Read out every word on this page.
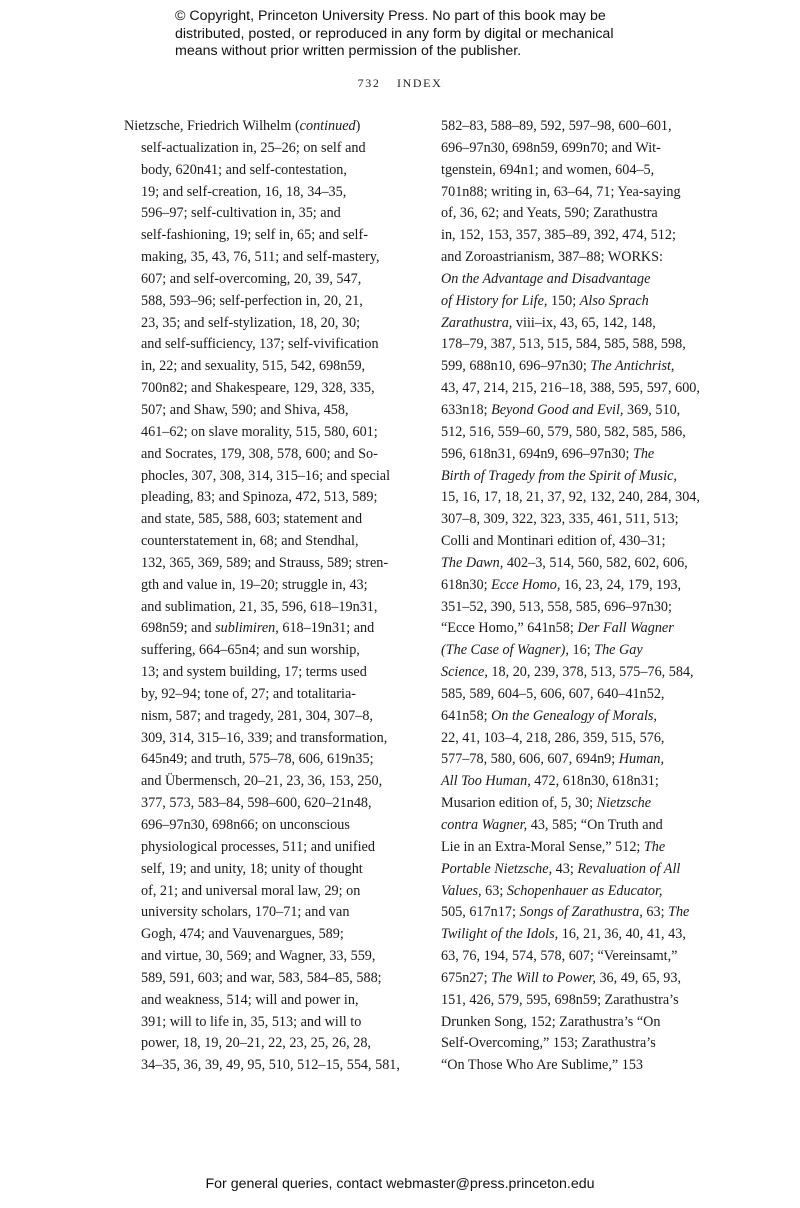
© Copyright, Princeton University Press. No part of this book may be
distributed, posted, or reproduced in any form by digital or mechanical
means without prior written permission of the publisher.
732 INDEX
Nietzsche, Friedrich Wilhelm (continued)
self-actualization in, 25–26; on self and
body, 620n41; and self-contestation,
19; and self-creation, 16, 18, 34–35,
596–97; self-cultivation in, 35; and
self-fashioning, 19; self in, 65; and self-
making, 35, 43, 76, 511; and self-mastery,
607; and self-overcoming, 20, 39, 547,
588, 593–96; self-perfection in, 20, 21,
23, 35; and self-stylization, 18, 20, 30;
and self-sufficiency, 137; self-vivification
in, 22; and sexuality, 515, 542, 698n59,
700n82; and Shakespeare, 129, 328, 335,
507; and Shaw, 590; and Shiva, 458,
461–62; on slave morality, 515, 580, 601;
and Socrates, 179, 308, 578, 600; and So-
phocles, 307, 308, 314, 315–16; and special
pleading, 83; and Spinoza, 472, 513, 589;
and state, 585, 588, 603; statement and
counterstatement in, 68; and Stendhal,
132, 365, 369, 589; and Strauss, 589; stren-
gth and value in, 19–20; struggle in, 43;
and sublimation, 21, 35, 596, 618–19n31,
698n59; and sublimiren, 618–19n31; and
suffering, 664–65n4; and sun worship,
13; and system building, 17; terms used
by, 92–94; tone of, 27; and totalitaria-
nism, 587; and tragedy, 281, 304, 307–8,
309, 314, 315–16, 339; and transformation,
645n49; and truth, 575–78, 606, 619n35;
and Übermensch, 20–21, 23, 36, 153, 250,
377, 573, 583–84, 598–600, 620–21n48,
696–97n30, 698n66; on unconscious
physiological processes, 511; and unified
self, 19; and unity, 18; unity of thought
of, 21; and universal moral law, 29; on
university scholars, 170–71; and van
Gogh, 474; and Vauvenargues, 589;
and virtue, 30, 569; and Wagner, 33, 559,
589, 591, 603; and war, 583, 584–85, 588;
and weakness, 514; will and power in,
391; will to life in, 35, 513; and will to
power, 18, 19, 20–21, 22, 23, 25, 26, 28,
34–35, 36, 39, 49, 95, 510, 512–15, 554, 581,
582–83, 588–89, 592, 597–98, 600–601,
696–97n30, 698n59, 699n70; and Wit-
tgenstein, 694n1; and women, 604–5,
701n88; writing in, 63–64, 71; Yea-saying
of, 36, 62; and Yeats, 590; Zarathustra
in, 152, 153, 357, 385–89, 392, 474, 512;
and Zoroastrianism, 387–88; WORKS:
On the Advantage and Disadvantage
of History for Life, 150; Also Sprach
Zarathustra, viii–ix, 43, 65, 142, 148,
178–79, 387, 513, 515, 584, 585, 588, 598,
599, 688n10, 696–97n30; The Antichrist,
43, 47, 214, 215, 216–18, 388, 595, 597, 600,
633n18; Beyond Good and Evil, 369, 510,
512, 516, 559–60, 579, 580, 582, 585, 586,
596, 618n31, 694n9, 696–97n30; The
Birth of Tragedy from the Spirit of Music,
15, 16, 17, 18, 21, 37, 92, 132, 240, 284, 304,
307–8, 309, 322, 323, 335, 461, 511, 513;
Colli and Montinari edition of, 430–31;
The Dawn, 402–3, 514, 560, 582, 602, 606,
618n30; Ecce Homo, 16, 23, 24, 179, 193,
351–52, 390, 513, 558, 585, 696–97n30;
“Ecce Homo,” 641n58; Der Fall Wagner
(The Case of Wagner), 16; The Gay
Science, 18, 20, 239, 378, 513, 575–76, 584,
585, 589, 604–5, 606, 607, 640–41n52,
641n58; On the Genealogy of Morals,
22, 41, 103–4, 218, 286, 359, 515, 576,
577–78, 580, 606, 607, 694n9; Human,
All Too Human, 472, 618n30, 618n31;
Musarion edition of, 5, 30; Nietzsche
contra Wagner, 43, 585; “On Truth and
Lie in an Extra-Moral Sense,” 512; The
Portable Nietzsche, 43; Revaluation of All
Values, 63; Schopenhauer as Educator,
505, 617n17; Songs of Zarathustra, 63; The
Twilight of the Idols, 16, 21, 36, 40, 41, 43,
63, 76, 194, 574, 578, 607; “Vereinsamt,”
675n27; The Will to Power, 36, 49, 65, 93,
151, 426, 579, 595, 698n59; Zarathustra’s
Drunken Song, 152; Zarathustra’s “On
Self-Overcoming,” 153; Zarathustra’s
“On Those Who Are Sublime,” 153
For general queries, contact webmaster@press.princeton.edu
